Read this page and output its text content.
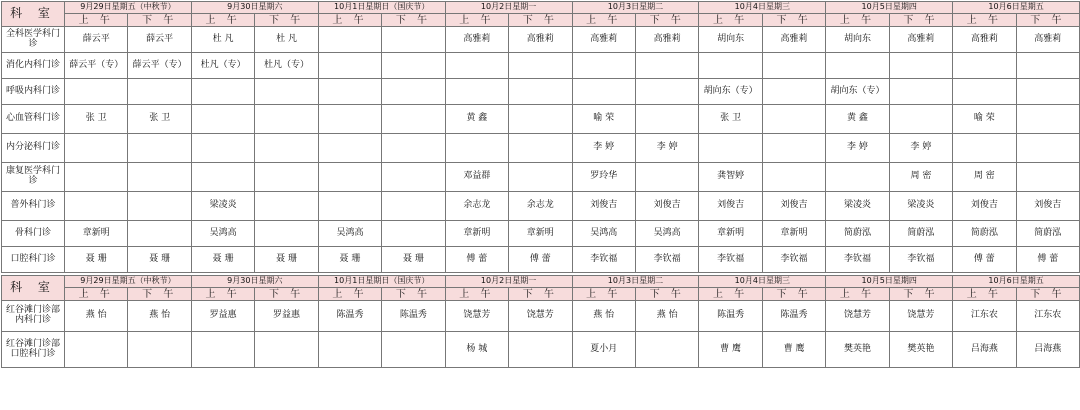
科 室	9月29日星期五（中秋节）		9月30日星期六		10月1日星期日（国庆节）		10月2日星期一		10月3日星期二		10月4日星期三		10月5日星期四		10月6日星期五	
	上 午	下 午	上 午	下 午	上 午	下 午	上 午	下 午	上 午	下 午	上 午	下 午	上 午	下 午	上 午	下 午
全科医学科门诊	薛云平	薛云平	杜 凡	杜 凡			高雅莉	高雅莉	高雅莉	高雅莉	胡向东	高雅莉	胡向东	高雅莉	高雅莉	高雅莉
消化内科门诊	薛云平（专）	薛云平（专）	杜凡（专）	杜凡（专）												
呼吸内科门诊											胡向东（专）		胡向东（专）			
心血管科门诊	张 卫	张 卫					黄 鑫		喻 荣		张 卫		黄 鑫		喻 荣	
内分泌科门诊									李 婷	李 婷			李 婷	李 婷		
康复医学科门诊							邓益群		罗玲华		龚智婷			周 密	周 密	
普外科门诊			梁凌炎				余志龙	余志龙	刘俊吉	刘俊吉	刘俊吉	刘俊吉	梁凌炎	梁凌炎	刘俊吉	刘俊吉
骨科门诊	章新明		吴鸿高		吴鸿高		章新明	章新明	吴鸿高	吴鸿高	章新明	章新明	简蔚泓	简蔚泓	简蔚泓	简蔚泓
口腔科门诊	聂 珊	聂 珊	聂 珊	聂 珊	聂 珊	聂 珊	傅 蕾	傅 蕾	李钦福	李钦福	李钦福	李钦福	李钦福	李钦福	傅 蕾	傅 蕾

科 室	9月29日星期五（中秋节）		9月30日星期六		10月1日星期日（国庆节）		10月2日星期一		10月3日星期二		10月4日星期三		10月5日星期四		10月6日星期五	
	上 午	下 午	上 午	下 午	上 午	下 午	上 午	下 午	上 午	下 午	上 午	下 午	上 午	下 午	上 午	下 午
红谷滩门诊部内科门诊	燕 怡	燕 怡	罗益惠	罗益惠	陈温秀	陈温秀	饶慧芳	饶慧芳	燕 怡	燕 怡	陈温秀	陈温秀	饶慧芳	饶慧芳	江东农	江东农
红谷滩门诊部口腔科门诊							杨 城		夏小月		曹 鹰	曹 鹰	樊英艳	樊英艳	吕海燕	吕海燕
